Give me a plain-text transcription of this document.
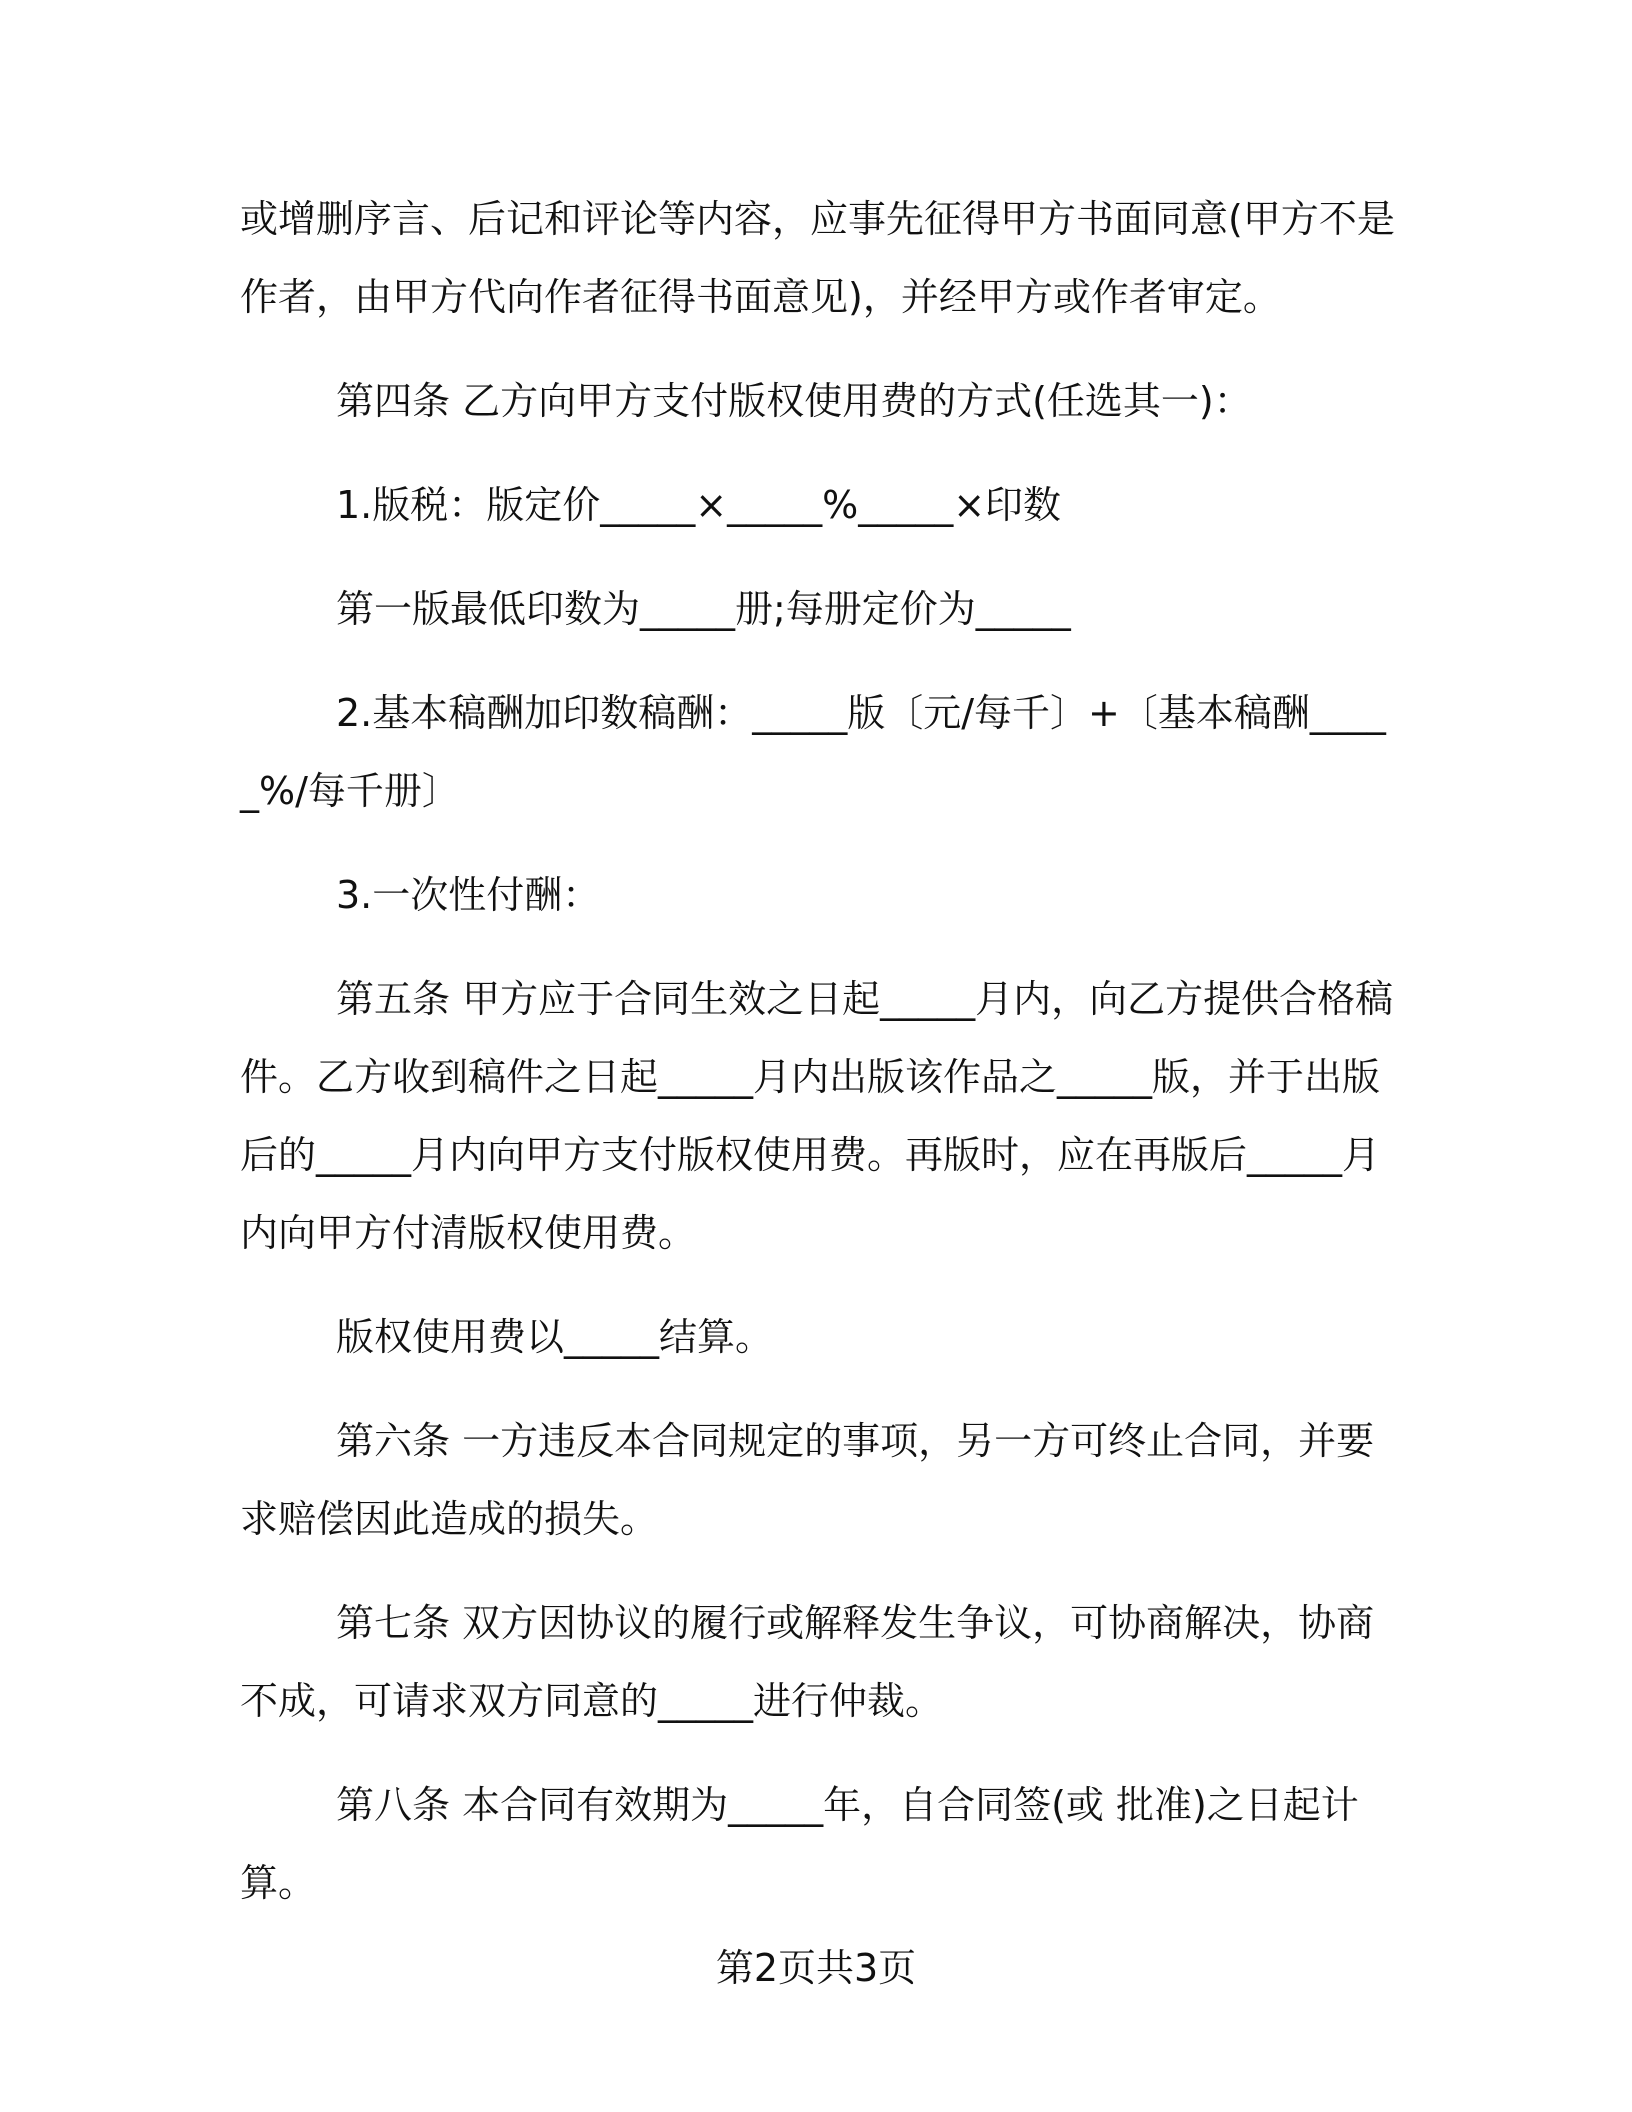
或增删序言、后记和评论等内容，应事先征得甲方书面同意(甲方不是作者，由甲方代向作者征得书面意见)，并经甲方或作者审定。

第四条 乙方向甲方支付版权使用费的方式(任选其一)：

1.版税：版定价_____×_____%_____×印数

第一版最低印数为_____册;每册定价为_____

2.基本稿酬加印数稿酬：_____版〔元/每千〕+〔基本稿酬_____%/每千册〕

3.一次性付酬：

第五条 甲方应于合同生效之日起_____月内，向乙方提供合格稿件。乙方收到稿件之日起_____月内出版该作品之_____版，并于出版后的_____月内向甲方支付版权使用费。再版时，应在再版后_____月内向甲方付清版权使用费。

版权使用费以_____结算。

第六条 一方违反本合同规定的事项，另一方可终止合同，并要求赔偿因此造成的损失。

第七条 双方因协议的履行或解释发生争议，可协商解决，协商不成，可请求双方同意的_____进行仲裁。

第八条 本合同有效期为_____年，自合同签(或 批准)之日起计算。

第2页共3页
